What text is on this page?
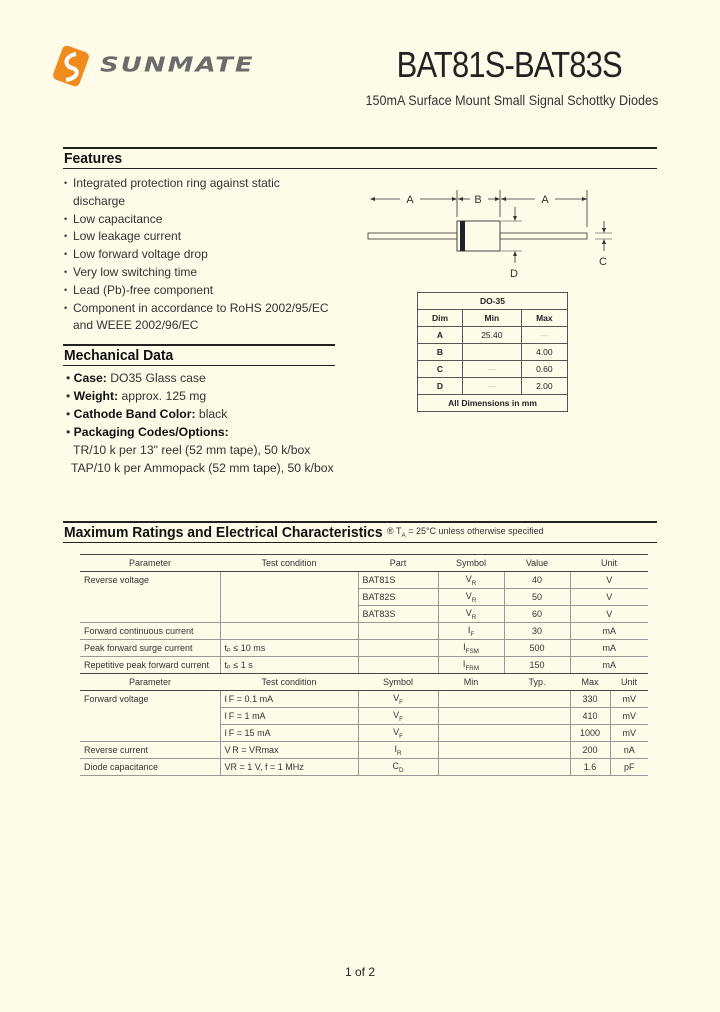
SUNMATE	BAT81S-BAT83S
150mA Surface Mount Small Signal Schottky Diodes
Features
• Integrated protection ring against static discharge
• Low capacitance
• Low leakage current
• Low forward voltage drop
• Very low switching time
• Lead (Pb)-free component
• Component in accordance to RoHS 2002/95/EC and WEEE 2002/96/EC
A	B	A
D
C
DO-35		
Dim	Min	Max
A	25.40	---
B		4.00
C	---	0.60
D	---	2.00
All Dimensions in mm		
Mechanical Data
• Case: DO35 Glass case
• Weight: approx. 125 mg
• Cathode Band Color: black
• Packaging Codes/Options:
TR/10 k per 13" reel (52 mm tape), 50 k/box
TAP/10 k per Ammopack (52 mm tape), 50 k/box
Maximum Ratings and Electrical Characteristics ® $T_A = 25^\circ C$ unless otherwise specified
Parameter	Test condition	Part	Symbol	Value	Unit
Reverse voltage		BAT81S	$V_R$	40	V
		BAT82S	$V_R$	50	V
		BAT83S	$V_R$	60	V
Forward continuous current			$I_F$	30	mA
Peak forward surge current	tₚ ≤ 10 ms		$I_{FSM}$	500	mA
Repetitive peak forward current	tₚ ≤ 1 s		$I_{FRM}$	150	mA
Parameter	Test condition	Symbol	Min	Typ.	Max	Unit
Forward voltage	I F = 0.1 mA	$V_F$			330	mV
	I F = 1 mA	$V_F$			410	mV
	I F = 15 mA	$V_F$			1000	mV
Reverse current	V R = VRmax	$I_R$			200	nA
Diode capacitance	VR = 1 V, f = 1 MHz	$C_D$			1.6	pF
1 of 2
